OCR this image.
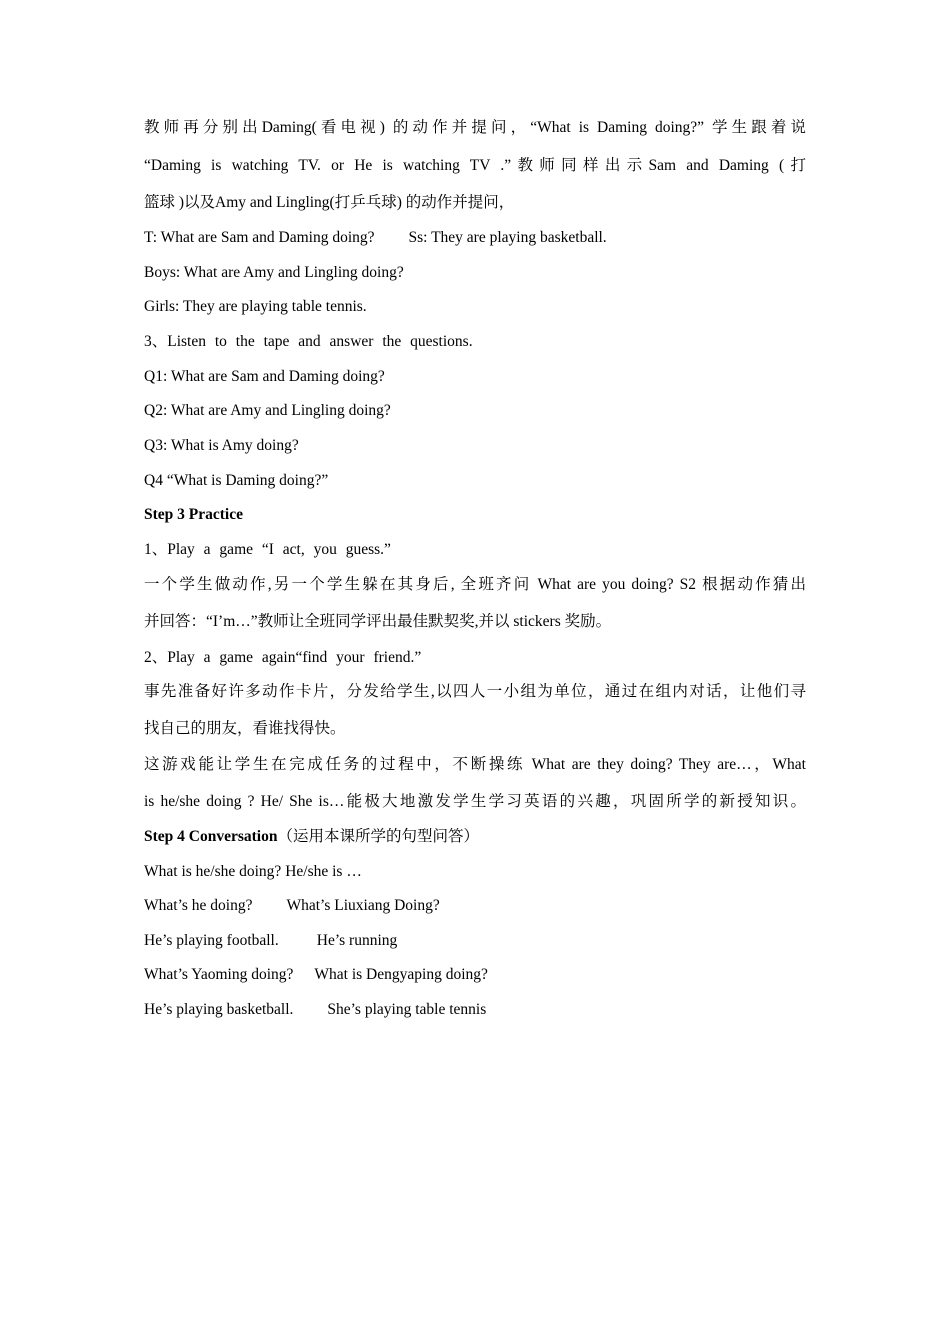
教师再分别出Daming(看电视) 的动作并提问，“What is Daming doing?” 学生跟着说
“Daming is watching TV. or He is watching TV .”教师同样出示Sam and Daming (打
篮球 )以及Amy and Lingling(打乒乓球) 的动作并提问，
T: What are Sam and Daming doing? Ss: They are playing basketball.
Boys: What are Amy and Lingling doing?
Girls: They are playing table tennis.
3、Listen to the tape and answer the questions.
Q1: What are Sam and Daming doing?
Q2: What are Amy and Lingling doing?
Q3: What is Amy doing?
Q4 “What is Daming doing?”
Step 3 Practice
1、Play a game “I act, you guess.”
一个学生做动作,另一个学生躲在其身后, 全班齐问 What are you doing? S2 根据动作猜出
并回答：“I’m…”教师让全班同学评出最佳默契奖,并以 stickers 奖励。
2、Play a game again“find your friend.”
事先准备好许多动作卡片，分发给学生,以四人一小组为单位，通过在组内对话，让他们寻
找自己的朋友，看谁找得快。
这游戏能让学生在完成任务的过程中，不断操练 What are they doing? They are…，What
is he/she doing ? He/ She is…能极大地激发学生学习英语的兴趣，巩固所学的新授知识。
Step 4 Conversation（运用本课所学的句型问答）
What is he/she doing? He/she is …
What’s he doing? What’s Liuxiang Doing?
He’s playing football. He’s running
What’s Yaoming doing? What is Dengyaping doing?
He’s playing basketball. She’s playing table tennis
